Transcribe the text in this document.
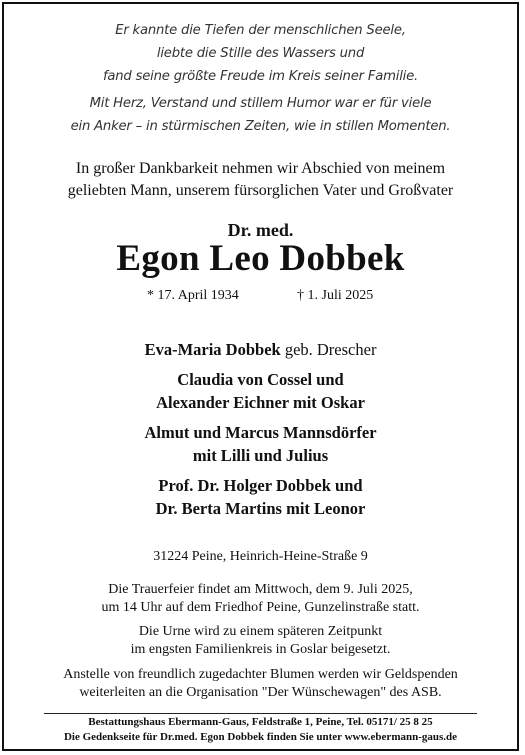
Er kannte die Tiefen der menschlichen Seele,
liebte die Stille des Wassers und
fand seine größte Freude im Kreis seiner Familie.
Mit Herz, Verstand und stillem Humor war er für viele
ein Anker – in stürmischen Zeiten, wie in stillen Momenten.
In großer Dankbarkeit nehmen wir Abschied von meinem
geliebten Mann, unserem fürsorglichen Vater und Großvater
Dr. med.
Egon Leo Dobbek
* 17. April 1934	† 1. Juli 2025
Eva-Maria Dobbek geb. Drescher
Claudia von Cossel und
Alexander Eichner mit Oskar
Almut und Marcus Mannsdörfer
mit Lilli und Julius
Prof. Dr. Holger Dobbek und
Dr. Berta Martins mit Leonor
31224 Peine, Heinrich-Heine-Straße 9
Die Trauerfeier findet am Mittwoch, dem 9. Juli 2025,
um 14 Uhr auf dem Friedhof Peine, Gunzelinstraße statt.
Die Urne wird zu einem späteren Zeitpunkt
im engsten Familienkreis in Goslar beigesetzt.
Anstelle von freundlich zugedachter Blumen werden wir Geldspenden
weiterleiten an die Organisation "Der Wünschewagen" des ASB.
Bestattungshaus Ebermann-Gaus, Feldstraße 1, Peine, Tel. 05171/ 25 8 25
Die Gedenkseite für Dr.med. Egon Dobbek finden Sie unter www.ebermann-gaus.de
